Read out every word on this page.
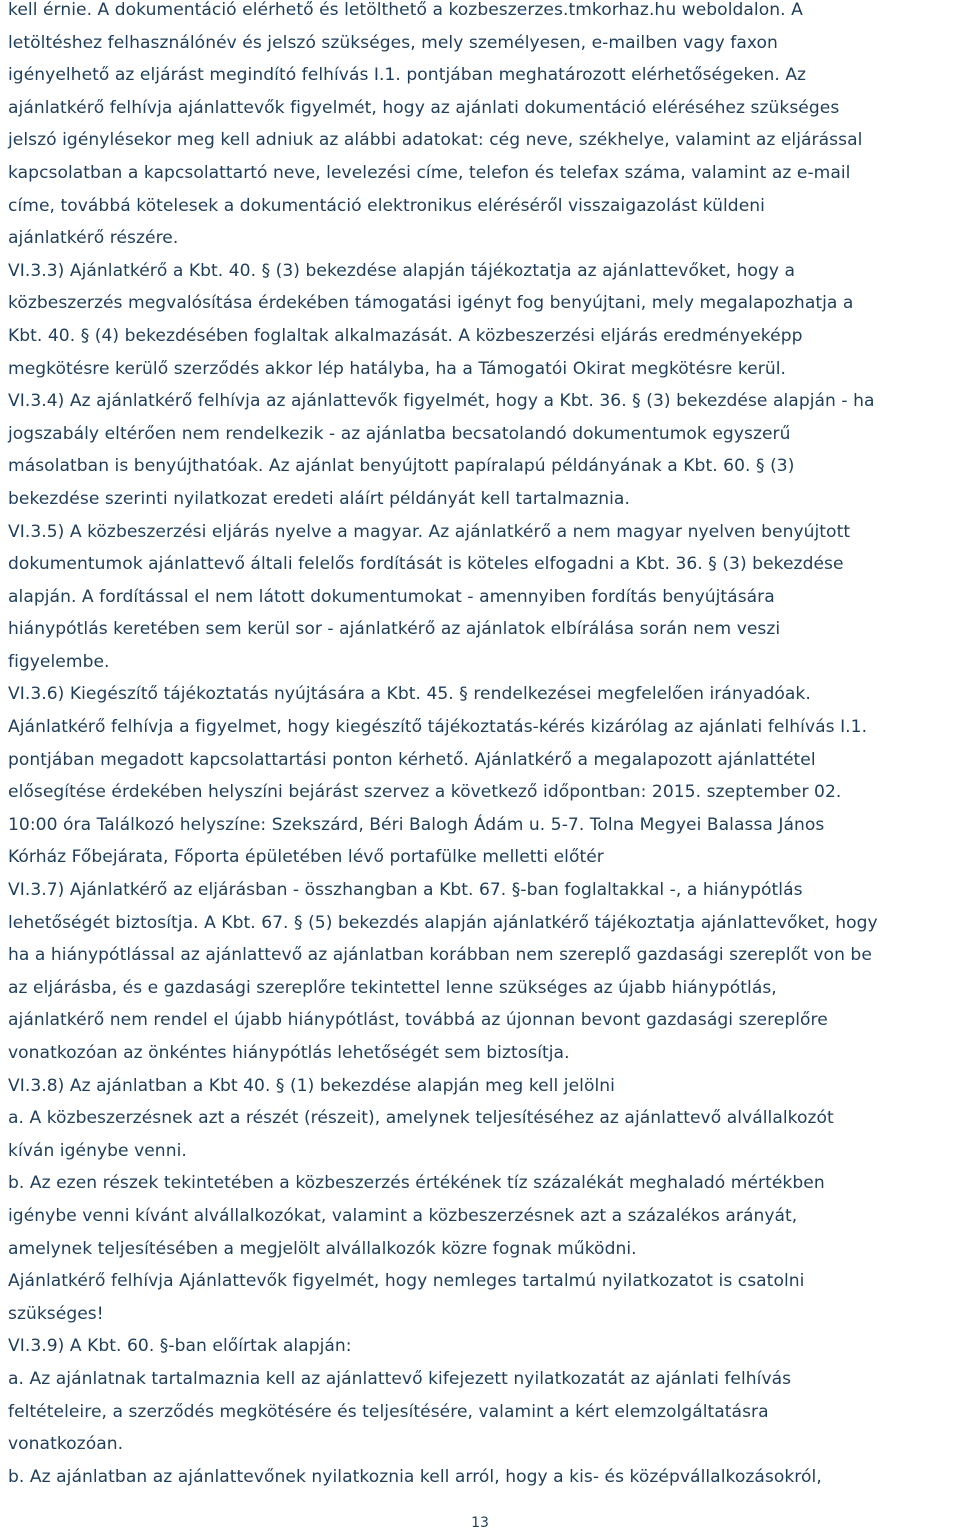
kell érnie. A dokumentáció elérhető és letölthető a kozbeszerzes.tmkorhaz.hu weboldalon. A
letöltéshez felhasználónév és jelszó szükséges, mely személyesen, e-mailben vagy faxon
igényelhető az eljárást megindító felhívás I.1. pontjában meghatározott elérhetőségeken. Az
ajánlatkérő felhívja ajánlattevők figyelmét, hogy az ajánlati dokumentáció eléréséhez szükséges
jelszó igénylésekor meg kell adniuk az alábbi adatokat: cég neve, székhelye, valamint az eljárással
kapcsolatban a kapcsolattartó neve, levelezési címe, telefon és telefax száma, valamint az e-mail
címe, továbbá kötelesek a dokumentáció elektronikus eléréséről visszaigazolást küldeni
ajánlatkérő részére.
VI.3.3) Ajánlatkérő a Kbt. 40. § (3) bekezdése alapján tájékoztatja az ajánlattevőket, hogy a
közbeszerzés megvalósítása érdekében támogatási igényt fog benyújtani, mely megalapozhatja a
Kbt. 40. § (4) bekezdésében foglaltak alkalmazását. A közbeszerzési eljárás eredményeképp
megkötésre kerülő szerződés akkor lép hatályba, ha a Támogatói Okirat megkötésre kerül.
VI.3.4) Az ajánlatkérő felhívja az ajánlattevők figyelmét, hogy a Kbt. 36. § (3) bekezdése alapján - ha
jogszabály eltérően nem rendelkezik - az ajánlatba becsatolandó dokumentumok egyszerű
másolatban is benyújthatóak. Az ajánlat benyújtott papíralapú példányának a Kbt. 60. § (3)
bekezdése szerinti nyilatkozat eredeti aláírt példányát kell tartalmaznia.
VI.3.5) A közbeszerzési eljárás nyelve a magyar. Az ajánlatkérő a nem magyar nyelven benyújtott
dokumentumok ajánlattevő általi felelős fordítását is köteles elfogadni a Kbt. 36. § (3) bekezdése
alapján. A fordítással el nem látott dokumentumokat - amennyiben fordítás benyújtására
hiánypótlás keretében sem kerül sor - ajánlatkérő az ajánlatok elbírálása során nem veszi
figyelembe.
VI.3.6) Kiegészítő tájékoztatás nyújtására a Kbt. 45. § rendelkezései megfelelően irányadóak.
Ajánlatkérő felhívja a figyelmet, hogy kiegészítő tájékoztatás-kérés kizárólag az ajánlati felhívás I.1.
pontjában megadott kapcsolattartási ponton kérhető. Ajánlatkérő a megalapozott ajánlattétel
elősegítése érdekében helyszíni bejárást szervez a következő időpontban: 2015. szeptember 02.
10:00 óra Találkozó helyszíne: Szekszárd, Béri Balogh Ádám u. 5-7. Tolna Megyei Balassa János
Kórház Főbejárata, Főporta épületében lévő portafülke melletti előtér
VI.3.7) Ajánlatkérő az eljárásban - összhangban a Kbt. 67. §-ban foglaltakkal -, a hiánypótlás
lehetőségét biztosítja. A Kbt. 67. § (5) bekezdés alapján ajánlatkérő tájékoztatja ajánlattevőket, hogy
ha a hiánypótlással az ajánlattevő az ajánlatban korábban nem szereplő gazdasági szereplőt von be
az eljárásba, és e gazdasági szereplőre tekintettel lenne szükséges az újabb hiánypótlás,
ajánlatkérő nem rendel el újabb hiánypótlást, továbbá az újonnan bevont gazdasági szereplőre
vonatkozóan az önkéntes hiánypótlás lehetőségét sem biztosítja.
VI.3.8) Az ajánlatban a Kbt 40. § (1) bekezdése alapján meg kell jelölni
a. A közbeszerzésnek azt a részét (részeit), amelynek teljesítéséhez az ajánlattevő alvállalkozót
kíván igénybe venni.
b. Az ezen részek tekintetében a közbeszerzés értékének tíz százalékát meghaladó mértékben
igénybe venni kívánt alvállalkozókat, valamint a közbeszerzésnek azt a százalékos arányát,
amelynek teljesítésében a megjelölt alvállalkozók közre fognak működni.
Ajánlatkérő felhívja Ajánlattevők figyelmét, hogy nemleges tartalmú nyilatkozatot is csatolni
szükséges!
VI.3.9) A Kbt. 60. §-ban előírtak alapján:
a. Az ajánlatnak tartalmaznia kell az ajánlattevő kifejezett nyilatkozatát az ajánlati felhívás
feltételeire, a szerződés megkötésére és teljesítésére, valamint a kért elemzolgáltatásra
vonatkozóan.
b. Az ajánlatban az ajánlattevőnek nyilatkoznia kell arról, hogy a kis- és középvállalkozásokról,
13
